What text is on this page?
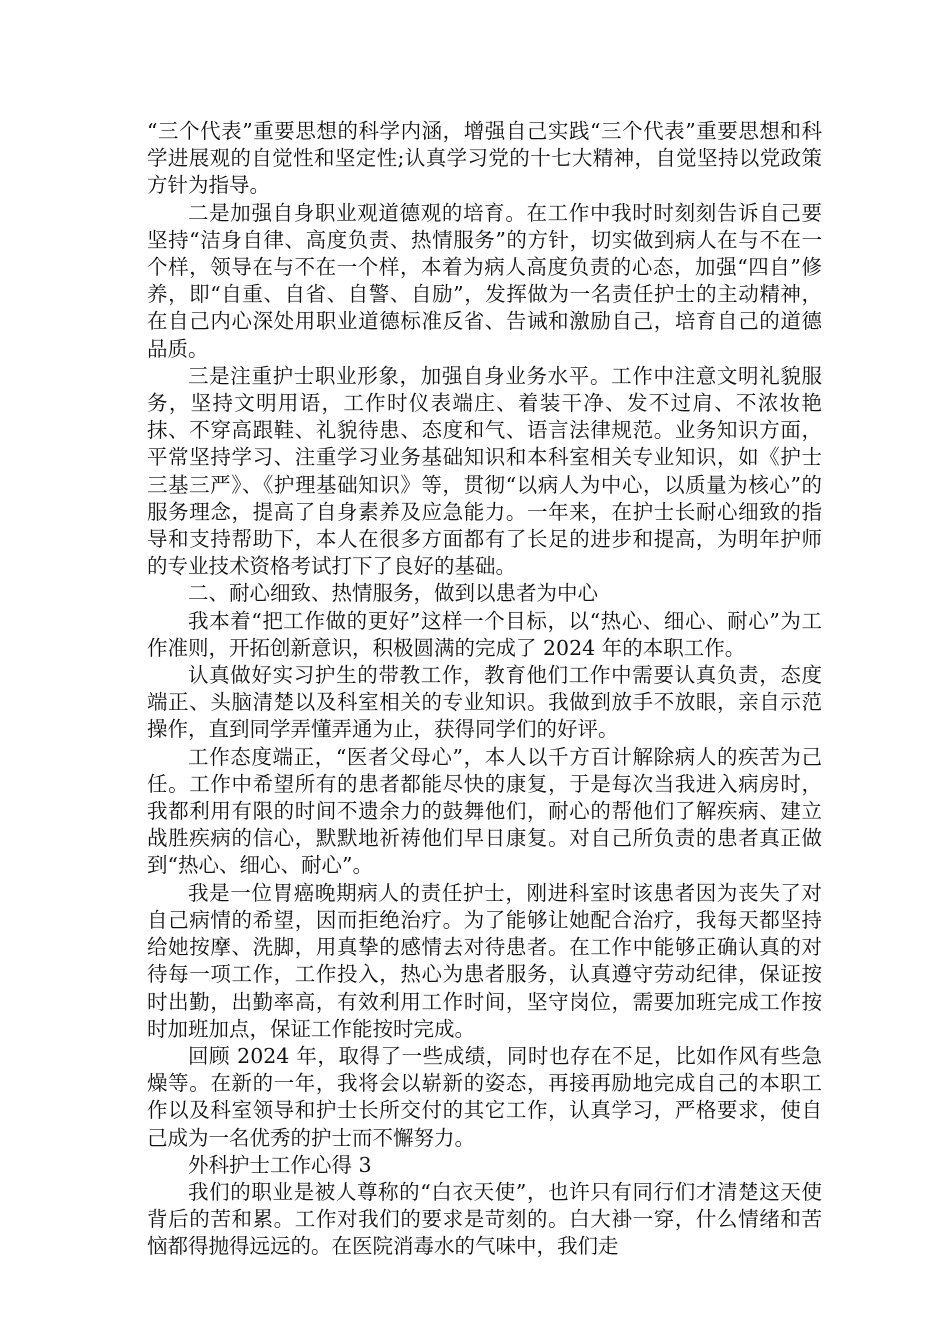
“三个代表”重要思想的科学内涵，增强自己实践“三个代表”重要思想和科学进展观的自觉性和坚定性;认真学习党的十七大精神，自觉坚持以党政策方针为指导。

二是加强自身职业观道德观的培育。在工作中我时时刻刻告诉自己要坚持“洁身自律、高度负责、热情服务”的方针，切实做到病人在与不在一个样，领导在与不在一个样，本着为病人高度负责的心态，加强“四自”修养，即“自重、自省、自警、自励”，发挥做为一名责任护士的主动精神，在自己内心深处用职业道德标准反省、告诫和激励自己，培育自己的道德品质。

三是注重护士职业形象，加强自身业务水平。工作中注意文明礼貌服务，坚持文明用语，工作时仪表端庄、着装干净、发不过肩、不浓妆艳抹、不穿高跟鞋、礼貌待患、态度和气、语言法律规范。业务知识方面，平常坚持学习、注重学习业务基础知识和本科室相关专业知识，如《护士三基三严》、《护理基础知识》等，贯彻“以病人为中心，以质量为核心”的服务理念，提高了自身素养及应急能力。一年来，在护士长耐心细致的指导和支持帮助下，本人在很多方面都有了长足的进步和提高，为明年护师的专业技术资格考试打下了良好的基础。

二、耐心细致、热情服务，做到以患者为中心

我本着“把工作做的更好”这样一个目标，以“热心、细心、耐心”为工作准则，开拓创新意识，积极圆满的完成了 2024 年的本职工作。

认真做好实习护生的带教工作，教育他们工作中需要认真负责，态度端正、头脑清楚以及科室相关的专业知识。我做到放手不放眼，亲自示范操作，直到同学弄懂弄通为止，获得同学们的好评。

工作态度端正，“医者父母心”，本人以千方百计解除病人的疾苦为己任。工作中希望所有的患者都能尽快的康复，于是每次当我进入病房时，我都利用有限的时间不遗余力的鼓舞他们，耐心的帮他们了解疾病、建立战胜疾病的信心，默默地祈祷他们早日康复。对自己所负责的患者真正做到“热心、细心、耐心”。

我是一位胃癌晚期病人的责任护士，刚进科室时该患者因为丧失了对自己病情的希望，因而拒绝治疗。为了能够让她配合治疗，我每天都坚持给她按摩、洗脚，用真挚的感情去对待患者。在工作中能够正确认真的对待每一项工作，工作投入，热心为患者服务，认真遵守劳动纪律，保证按时出勤，出勤率高，有效利用工作时间，坚守岗位，需要加班完成工作按时加班加点，保证工作能按时完成。

回顾 2024 年，取得了一些成绩，同时也存在不足，比如作风有些急燥等。在新的一年，我将会以崭新的姿态，再接再励地完成自己的本职工作以及科室领导和护士长所交付的其它工作，认真学习，严格要求，使自己成为一名优秀的护士而不懈努力。

外科护士工作心得 3

我们的职业是被人尊称的“白衣天使”，也许只有同行们才清楚这天使背后的苦和累。工作对我们的要求是苛刻的。白大褂一穿，什么情绪和苦恼都得抛得远远的。在医院消毒水的气味中，我们走
